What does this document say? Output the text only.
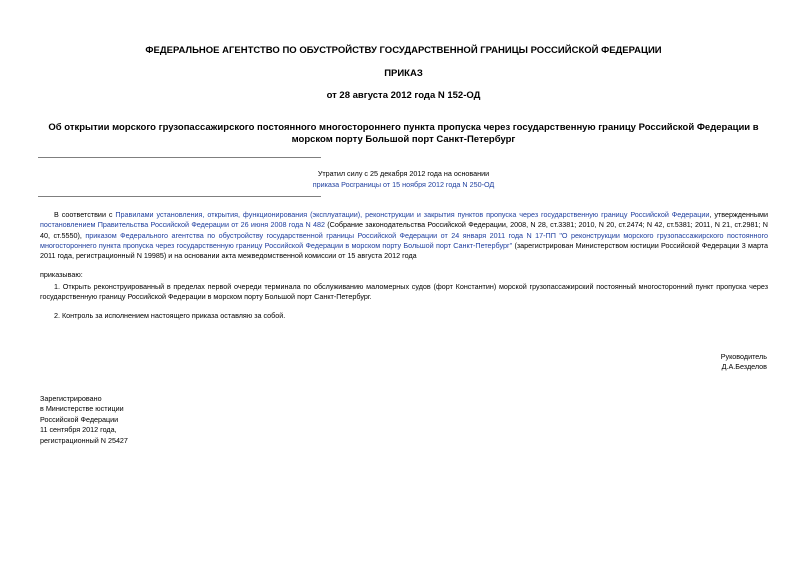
ФЕДЕРАЛЬНОЕ АГЕНТСТВО ПО ОБУСТРОЙСТВУ ГОСУДАРСТВЕННОЙ ГРАНИЦЫ РОССИЙСКОЙ ФЕДЕРАЦИИ
ПРИКАЗ
от 28 августа 2012 года N 152-ОД
Об открытии морского грузопассажирского постоянного многостороннего пункта пропуска через государственную границу Российской Федерации в морском порту Большой порт Санкт-Петербург
Утратил силу с 25 декабря 2012 года на основании
приказа Росграницы от 15 ноября 2012 года N 250-ОД
В соответствии с Правилами установления, открытия, функционирования (эксплуатации), реконструкции и закрытия пунктов пропуска через государственную границу Российской Федерации, утвержденными постановлением Правительства Российской Федерации от 26 июня 2008 года N 482 (Собрание законодательства Российской Федерации, 2008, N 28, ст.3381; 2010, N 20, ст.2474; N 42, ст.5381; 2011, N 21, ст.2981; N 40, ст.5550), приказом Федерального агентства по обустройству государственной границы Российской Федерации от 24 января 2011 года N 17-ПП "О реконструкции морского грузопассажирского постоянного многостороннего пункта пропуска через государственную границу Российской Федерации в морском порту Большой порт Санкт-Петербург" (зарегистрирован Министерством юстиции Российской Федерации 3 марта 2011 года, регистрационный N 19985) и на основании акта межведомственной комиссии от 15 августа 2012 года
приказываю:
1. Открыть реконструированный в пределах первой очереди терминала по обслуживанию маломерных судов (форт Константин) морской грузопассажирский постоянный многосторонний пункт пропуска через государственную границу Российской Федерации в морском порту Большой порт Санкт-Петербург.
2. Контроль за исполнением настоящего приказа оставляю за собой.
Руководитель
Д.А.Безделов
Зарегистрировано
в Министерстве юстиции
Российской Федерации
11 сентября 2012 года,
регистрационный N 25427
